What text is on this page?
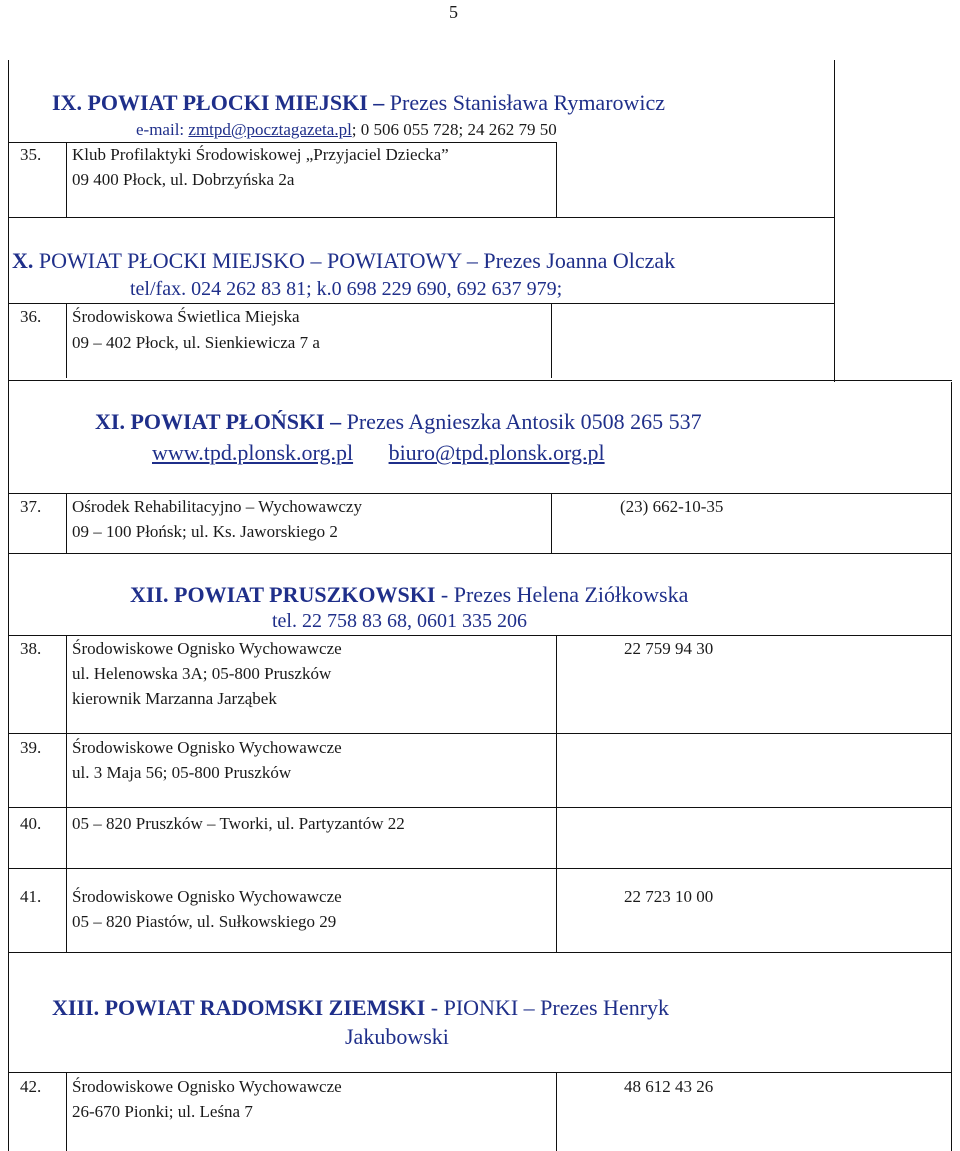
5
IX. POWIAT PŁOCKI MIEJSKI – Prezes Stanisława Rymarowicz
e-mail: zmtpd@pocztagazeta.pl; 0 506 055 728; 24 262 79 50
35. Klub Profilaktyki Środowiskowej „Przyjaciel Dziecka”
09 400 Płock, ul. Dobrzyńska 2a
X. POWIAT PŁOCKI MIEJSKO – POWIATOWY – Prezes Joanna Olczak
tel/fax. 024 262 83 81; k.0 698 229 690, 692 637 979;
36. Środowiskowa Świetlica Miejska
09 – 402 Płock, ul. Sienkiewicza 7 a
XI. POWIAT PŁOŃSKI – Prezes Agnieszka Antosik 0508 265 537
www.tpd.plonsk.org.pl biuro@tpd.plonsk.org.pl
37. Ośrodek Rehabilitacyjno – Wychowawczy
09 – 100 Płońsk; ul. Ks. Jaworskiego 2
(23) 662-10-35
XII. POWIAT PRUSZKOWSKI - Prezes Helena Ziółkowska
tel. 22 758 83 68, 0601 335 206
38. Środowiskowe Ognisko Wychowawcze
ul. Helenowska 3A; 05-800 Pruszków
kierownik Marzanna Jarząbek
22 759 94 30
39. Środowiskowe Ognisko Wychowawcze
ul. 3 Maja 56; 05-800 Pruszków
40. 05 – 820 Pruszków – Tworki, ul. Partyzantów 22
41. Środowiskowe Ognisko Wychowawcze
05 – 820 Piastów, ul. Sułkowskiego 29
22 723 10 00
XIII. POWIAT RADOMSKI ZIEMSKI - PIONKI – Prezes Henryk
Jakubowski
42. Środowiskowe Ognisko Wychowawcze
26-670 Pionki; ul. Leśna 7
48 612 43 26
